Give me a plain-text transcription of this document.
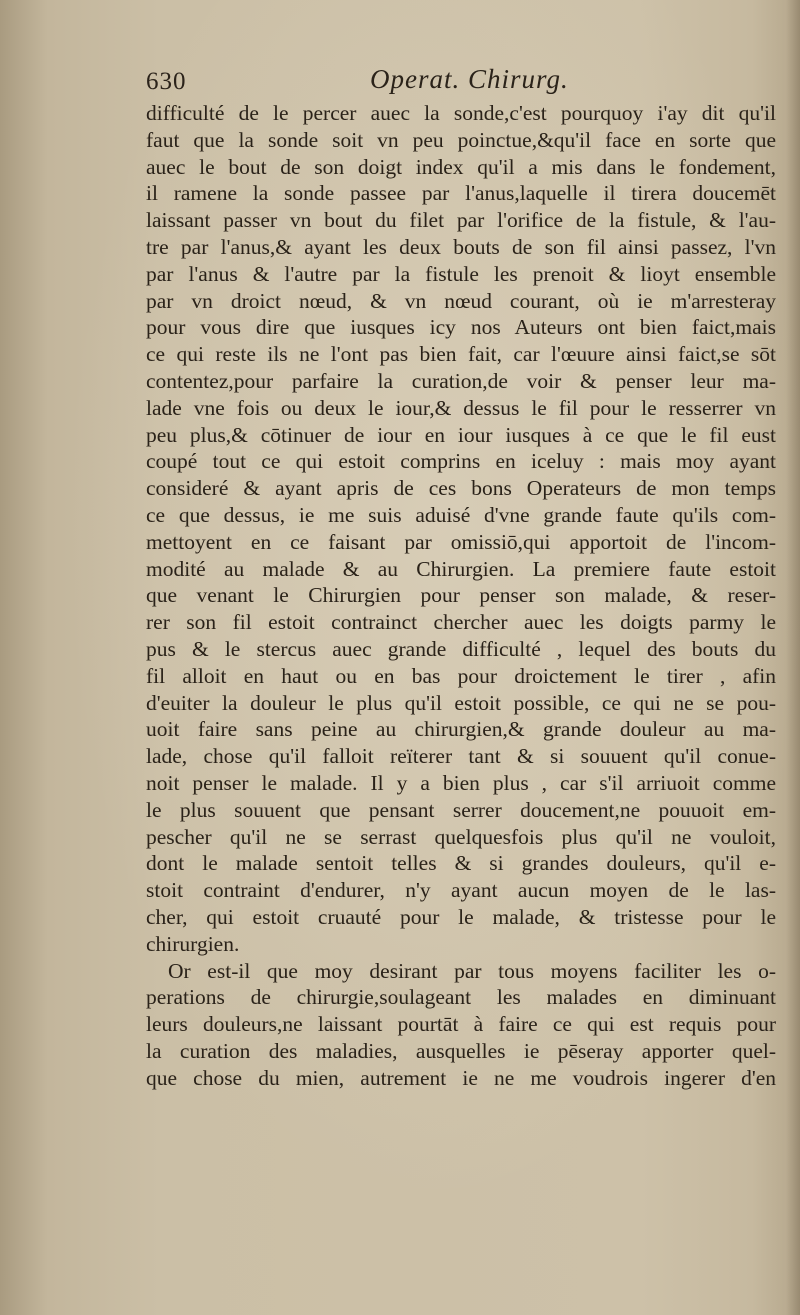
630	Operat. Chirurg.
difficulté de le percer auec la sonde,c'est pourquoy i'ay dit qu'il
faut que la sonde soit vn peu poinctue,&qu'il face en sorte que
auec le bout de son doigt index qu'il a mis dans le fondement,
il ramene la sonde passee par l'anus,laquelle il tirera doucemēt
laissant passer vn bout du filet par l'orifice de la fistule, & l'au-
tre par l'anus,& ayant les deux bouts de son fil ainsi passez, l'vn
par l'anus & l'autre par la fistule les prenoit & lioyt ensemble
par vn droict nœud, & vn nœud courant, où ie m'arresteray
pour vous dire que iusques icy nos Auteurs ont bien faict,mais
ce qui reste ils ne l'ont pas bien fait, car l'œuure ainsi faict,se sōt
contentez,pour parfaire la curation,de voir & penser leur ma-
lade vne fois ou deux le iour,& dessus le fil pour le resserrer vn
peu plus,& cōtinuer de iour en iour iusques à ce que le fil eust
coupé tout ce qui estoit comprins en iceluy : mais moy ayant
consideré & ayant apris de ces bons Operateurs de mon temps
ce que dessus, ie me suis aduisé d'vne grande faute qu'ils com-
mettoyent en ce faisant par omissiō,qui apportoit de l'incom-
modité au malade & au Chirurgien. La premiere faute estoit
que venant le Chirurgien pour penser son malade, & reser-
rer son fil estoit contrainct chercher auec les doigts parmy le
pus & le stercus auec grande difficulté , lequel des bouts du
fil alloit en haut ou en bas pour droictement le tirer , afin
d'euiter la douleur le plus qu'il estoit possible, ce qui ne se pou-
uoit faire sans peine au chirurgien,& grande douleur au ma-
lade, chose qu'il falloit reïterer tant & si souuent qu'il conue-
noit penser le malade. Il y a bien plus , car s'il arriuoit comme
le plus souuent que pensant serrer doucement,ne pouuoit em-
pescher qu'il ne se serrast quelquesfois plus qu'il ne vouloit,
dont le malade sentoit telles & si grandes douleurs, qu'il e-
stoit contraint d'endurer, n'y ayant aucun moyen de le las-
cher, qui estoit cruauté pour le malade, & tristesse pour le
chirurgien.
Or est-il que moy desirant par tous moyens faciliter les o-
perations de chirurgie,soulageant les malades en diminuant
leurs douleurs,ne laissant pourtāt à faire ce qui est requis pour
la curation des maladies, ausquelles ie pēseray apporter quel-
que chose du mien, autrement ie ne me voudrois ingerer d'en
